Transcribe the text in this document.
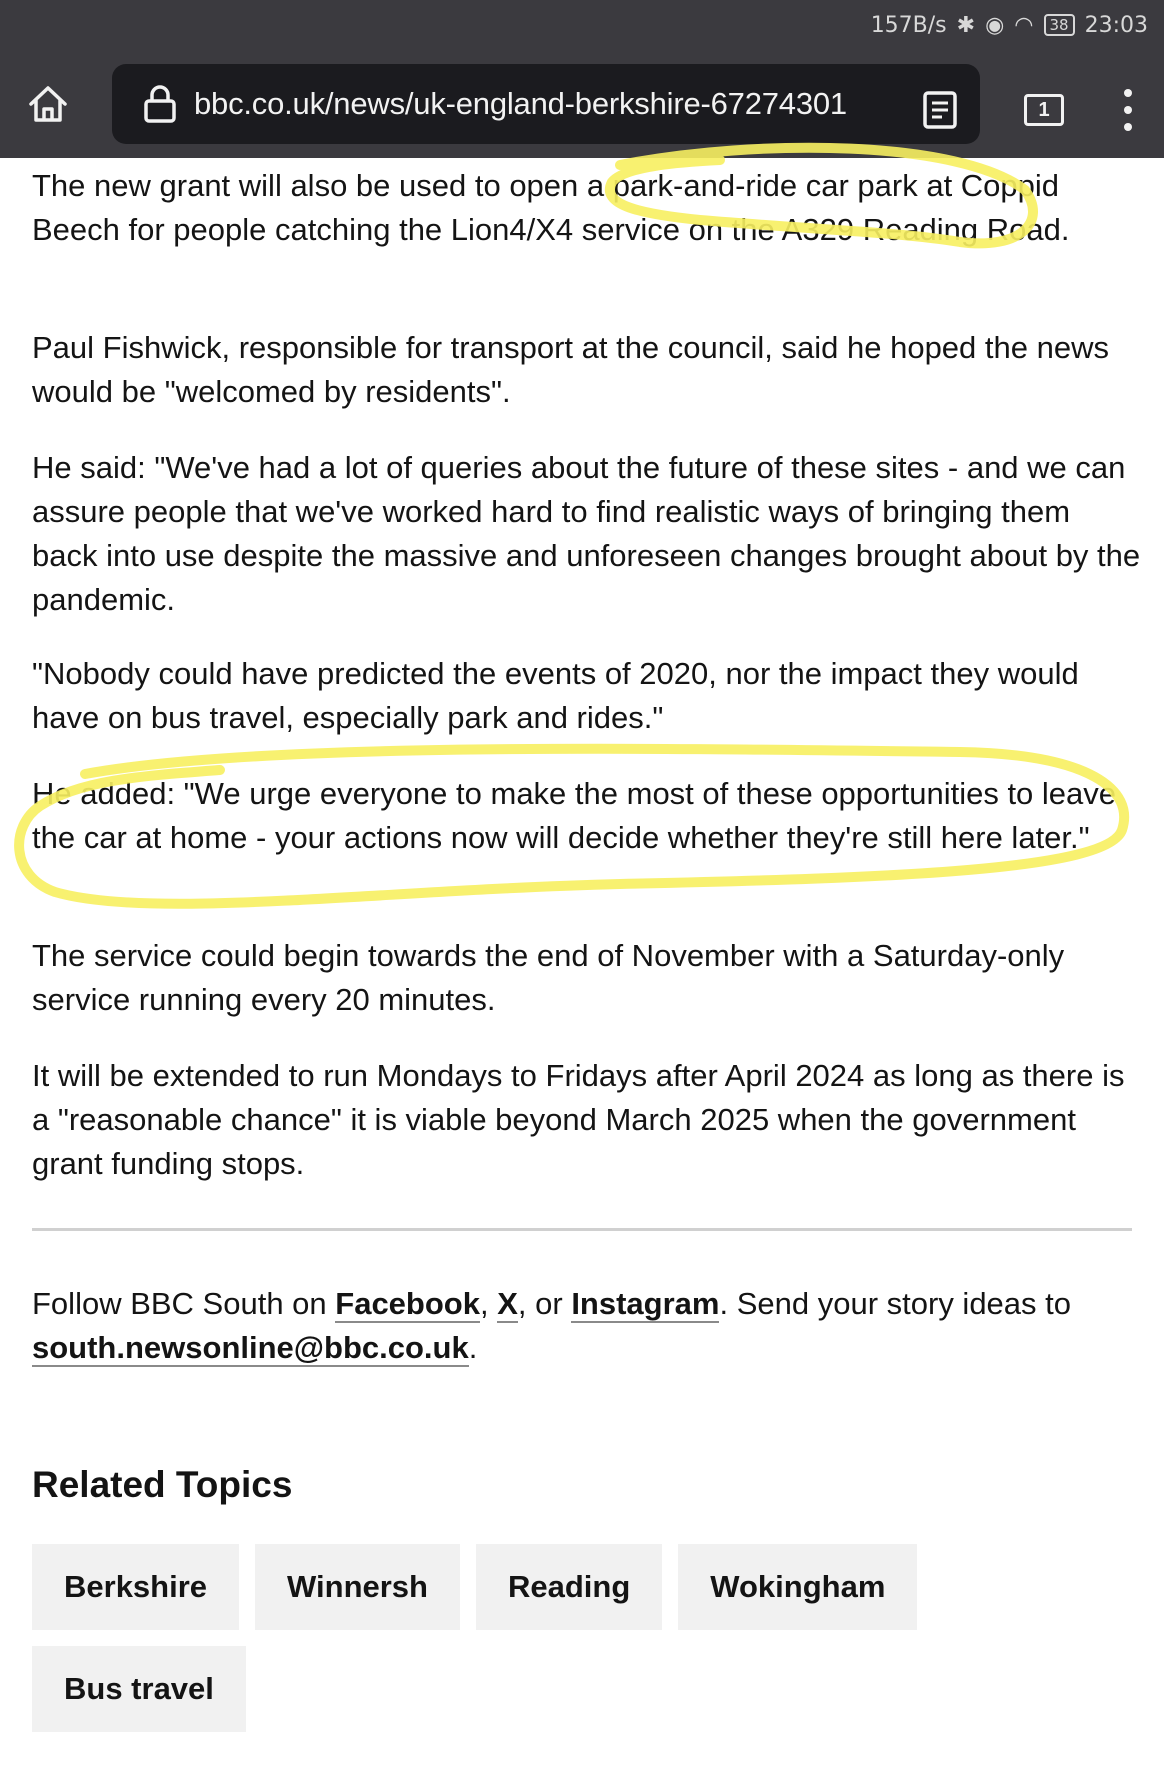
157B/s ✱ ◉ ◠	38 23:03
bbc.co.uk/news/uk-england-berkshire-67274301	1

The new grant will also be used to open a park-and-ride car park at Coppid Beech for people catching the Lion4/X4 service on the A329 Reading Road.

Paul Fishwick, responsible for transport at the council, said he hoped the news would be "welcomed by residents".

He said: "We've had a lot of queries about the future of these sites - and we can assure people that we've worked hard to find realistic ways of bringing them back into use despite the massive and unforeseen changes brought about by the pandemic.

"Nobody could have predicted the events of 2020, nor the impact they would have on bus travel, especially park and rides."

He added: "We urge everyone to make the most of these opportunities to leave the car at home - your actions now will decide whether they're still here later."

The service could begin towards the end of November with a Saturday-only service running every 20 minutes.

It will be extended to run Mondays to Fridays after April 2024 as long as there is a "reasonable chance" it is viable beyond March 2025 when the government grant funding stops.

Follow BBC South on Facebook, X, or Instagram. Send your story ideas to south.newsonline@bbc.co.uk.

Related Topics
Berkshire	Winnersh	Reading	Wokingham
Bus travel
